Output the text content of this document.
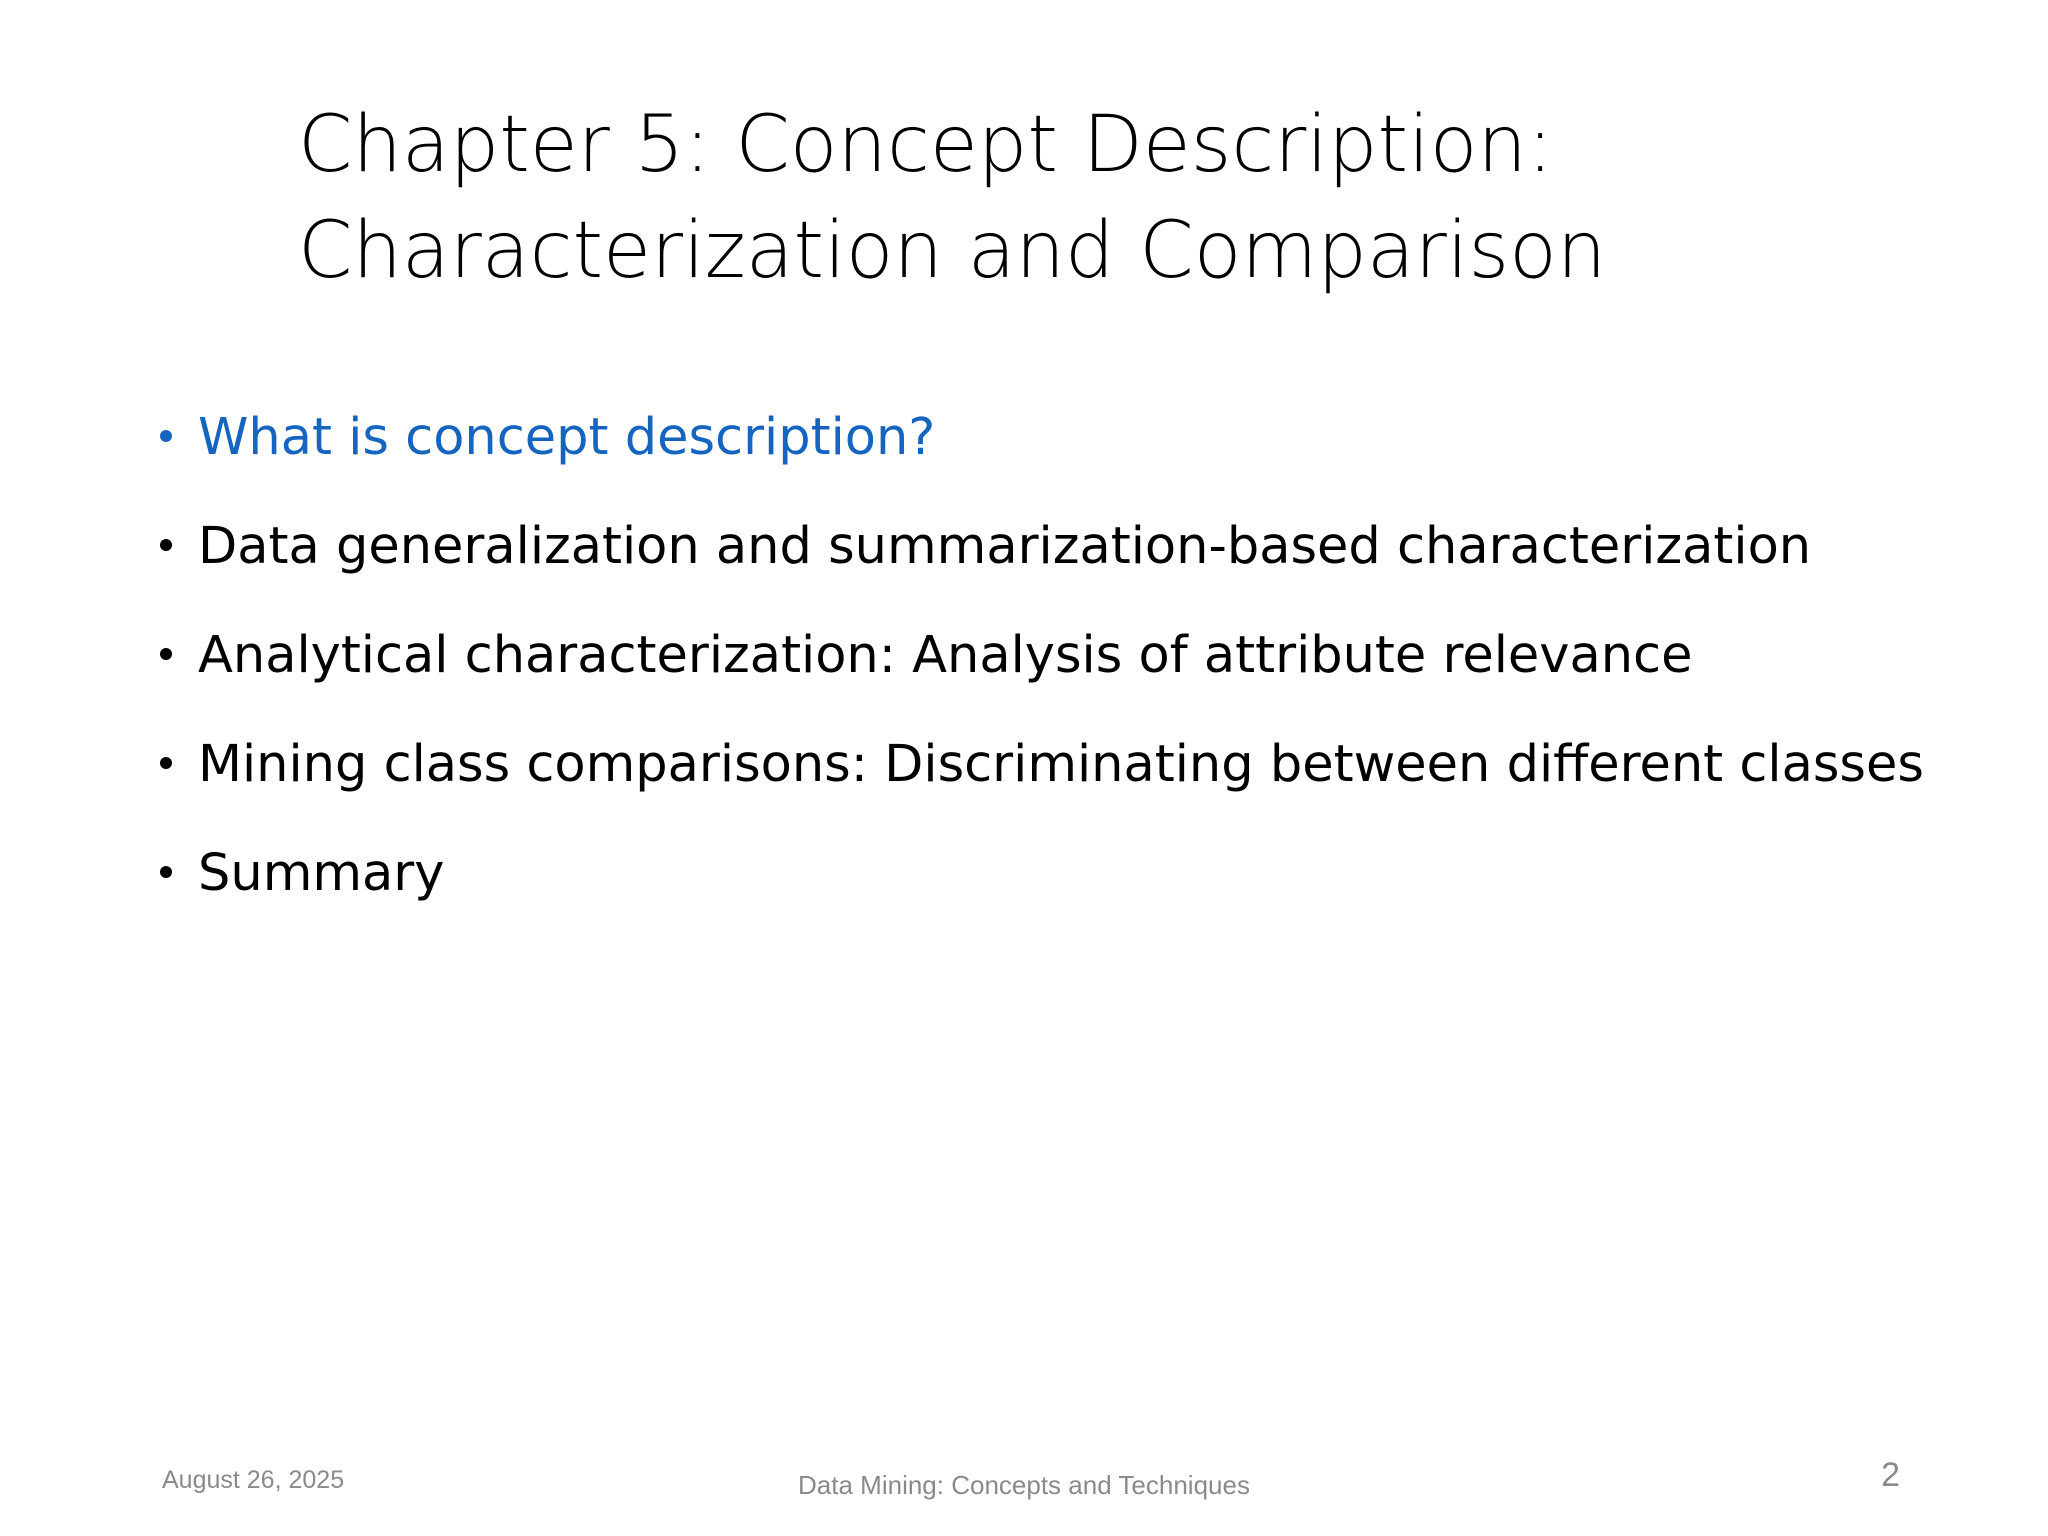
Chapter 5: Concept Description:
Characterization and Comparison
What is concept description?
Data generalization and summarization-based characterization
Analytical characterization: Analysis of attribute relevance
Mining class comparisons: Discriminating between different classes
Summary
August 26, 2025	Data Mining: Concepts and Techniques	2
